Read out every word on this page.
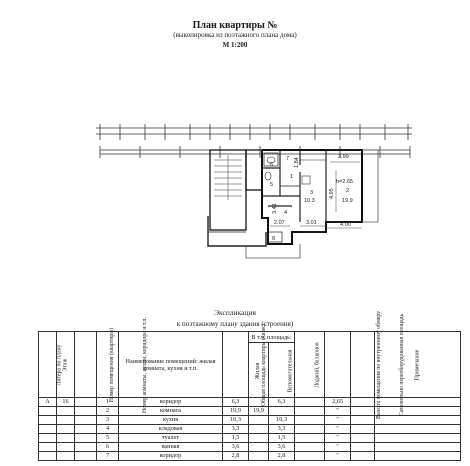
План квартиры №
(выкопировка из поэтажного плана дома)
М 1:200
3.99
h=2.65
1.84
4.95
3.41
2.07	3.01	4.00
1
2
3
4
5
6
7
8
19.9
10.3
Экспликация
к поэтажному плану здания (строения)
Литера по плану	Этаж	Номер помещения (квартиры)	Номер комнаты, кухни, коридора и т.п.	Наименование помещений: жилая комната, кухня и т.п.	Общая площадь квартиры (кв.м.)	В т.ч. площадь:		Лоджий, балконов	Высота помещения по внутреннему обмеру	Самовольно переоборудованная площадь	Примечание
						Жилая	Вспомогательная				
А	16		1	коридор	6,3		6,3		2,65		
			2	комната	19,9	19,9			"		
			3	кухня	10,3		10,3		"		
			4	кладовая	3,3		3,3		"		
			5	туалет	1,5		1,5		"		
			6	ванная	3,6		3,6		"		
			7	коридор	2,8		2,8		"		
